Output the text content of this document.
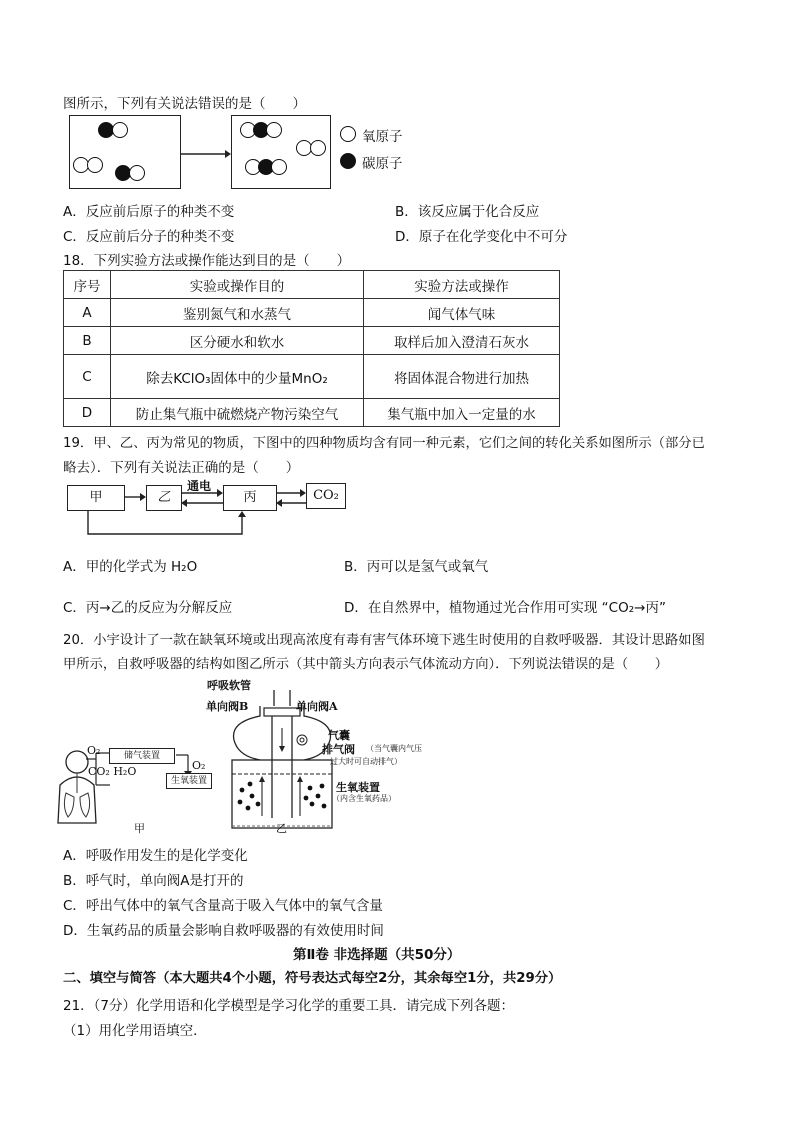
图所示，下列有关说法错误的是（　　）
氧原子
碳原子
A．反应前后原子的种类不变	B．该反应属于化合反应
C．反应前后分子的种类不变	D．原子在化学变化中不可分
18．下列实验方法或操作能达到目的是（　　）
序号	实验或操作目的	实验方法或操作
A	鉴别氮气和水蒸气	闻气体气味
B	区分硬水和软水	取样后加入澄清石灰水
C	除去KClO₃固体中的少量MnO₂	将固体混合物进行加热
D	防止集气瓶中硫燃烧产物污染空气	集气瓶中加入一定量的水
19．甲、乙、丙为常见的物质，下图中的四种物质均含有同一种元素，它们之间的转化关系如图所示（部分已
略去）．下列有关说法正确的是（　　）
甲	乙
通电
丙	CO₂
A．甲的化学式为 H₂O	B．丙可以是氢气或氧气
C．丙→乙的反应为分解反应	D．在自然界中，植物通过光合作用可实现 “CO₂→丙”
20．小宇设计了一款在缺氧环境或出现高浓度有毒有害气体环境下逃生时使用的自救呼吸器．其设计思路如图
甲所示，自救呼吸器的结构如图乙所示（其中箭头方向表示气体流动方向）．下列说法错误的是（　　）
O₂	储气装置
O₂
CO₂ H₂O
生氧装置
甲
呼吸软管
单向阀B	单向阀A
气囊
排气阀 （当气囊内气压
过大时可自动排气）
生氧装置
（内含生氧药品）
乙
A．呼吸作用发生的是化学变化
B．呼气时，单向阀A是打开的
C．呼出气体中的氧气含量高于吸入气体中的氧气含量
D．生氧药品的质量会影响自救呼吸器的有效使用时间
第Ⅱ卷 非选择题（共50分）
二、填空与简答（本大题共4个小题，符号表达式每空2分，其余每空1分，共29分）
21．（7分）化学用语和化学模型是学习化学的重要工具．请完成下列各题：
（1）用化学用语填空．
